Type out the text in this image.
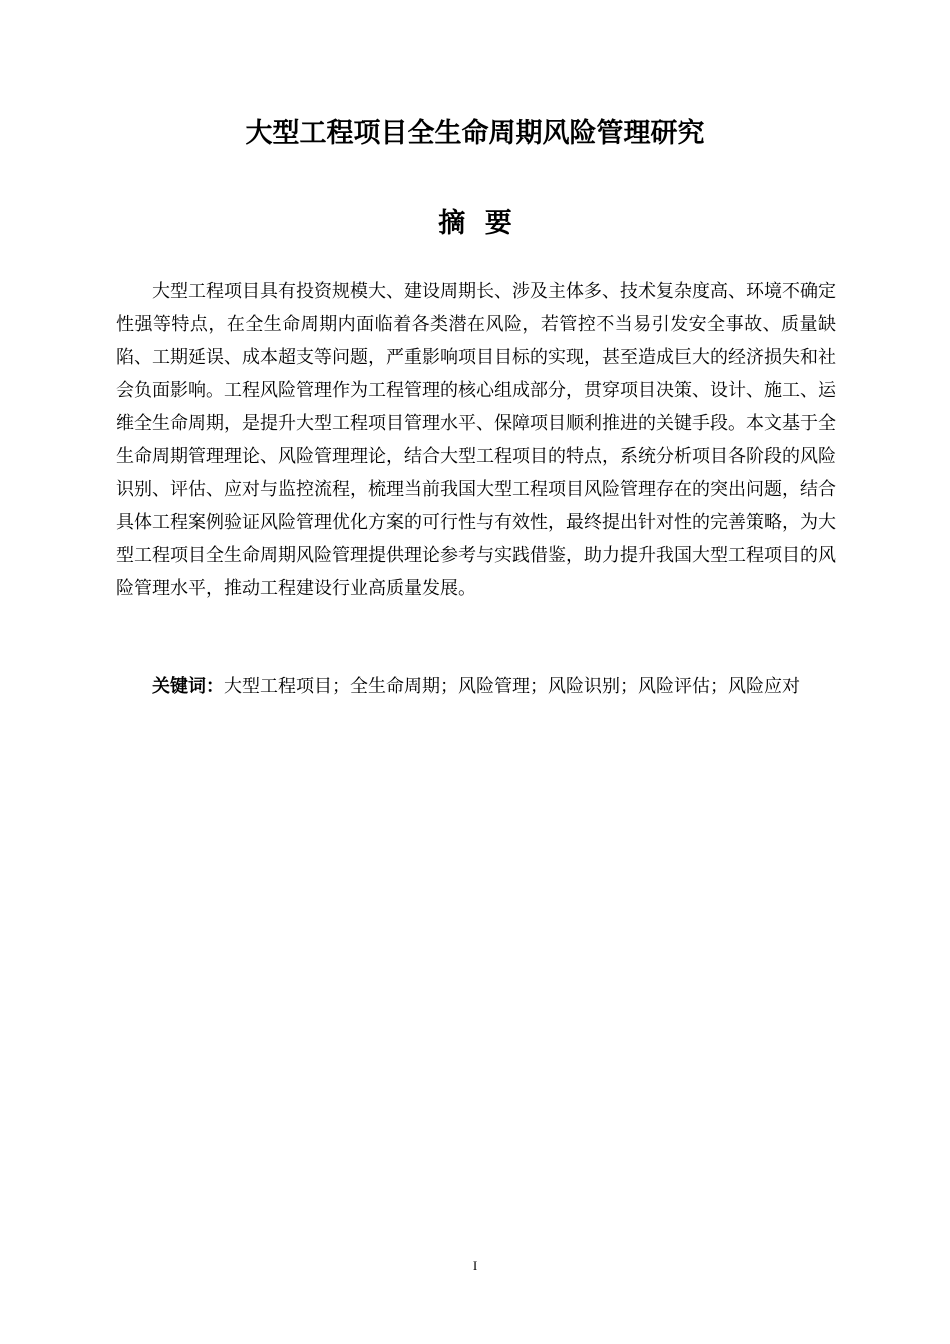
大型工程项目全生命周期风险管理研究
摘 要

大型工程项目具有投资规模大、建设周期长、涉及主体多、技术复杂度高、环境不确定性强等特点，在全生命周期内面临着各类潜在风险，若管控不当易引发安全事故、质量缺陷、工期延误、成本超支等问题，严重影响项目目标的实现，甚至造成巨大的经济损失和社会负面影响。工程风险管理作为工程管理的核心组成部分，贯穿项目决策、设计、施工、运维全生命周期，是提升大型工程项目管理水平、保障项目顺利推进的关键手段。本文基于全生命周期管理理论、风险管理理论，结合大型工程项目的特点，系统分析项目各阶段的风险识别、评估、应对与监控流程，梳理当前我国大型工程项目风险管理存在的突出问题，结合具体工程案例验证风险管理优化方案的可行性与有效性，最终提出针对性的完善策略，为大型工程项目全生命周期风险管理提供理论参考与实践借鉴，助力提升我国大型工程项目的风险管理水平，推动工程建设行业高质量发展。

关键词：大型工程项目；全生命周期；风险管理；风险识别；风险评估；风险应对

I
